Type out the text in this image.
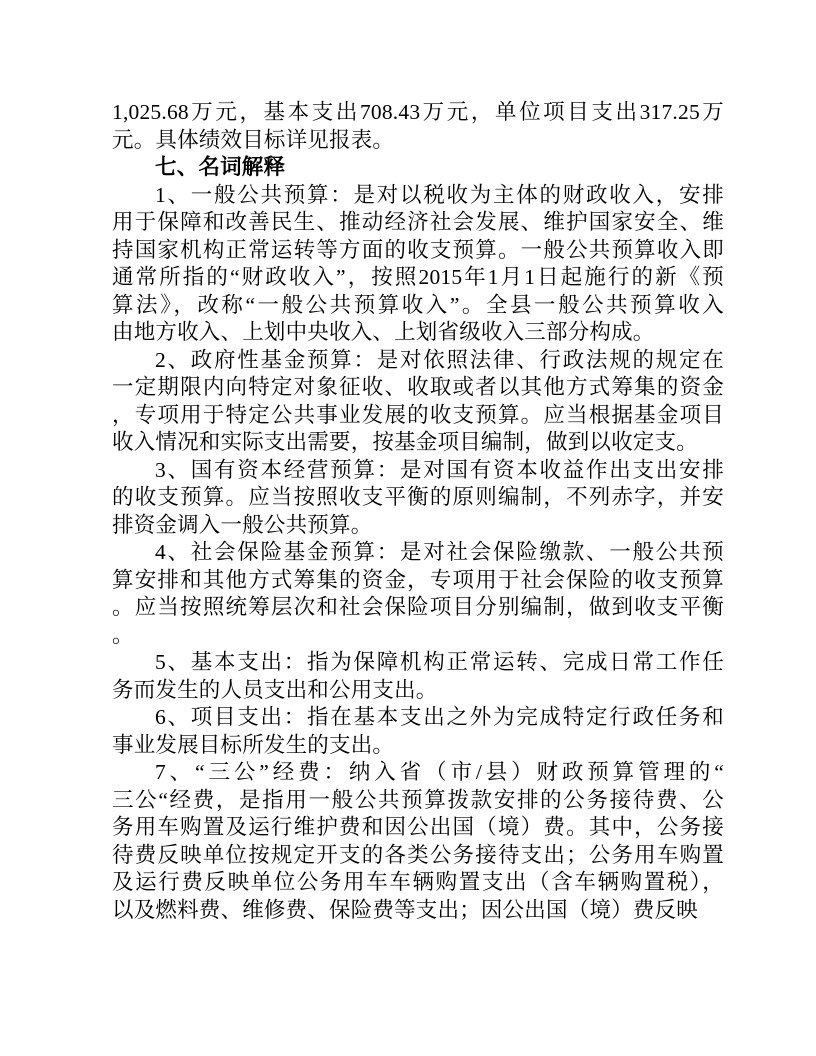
1,025.68万元，基本支出708.43万元，单位项目支出317.25万
元。具体绩效目标详见报表。
七、名词解释
1、一般公共预算：是对以税收为主体的财政收入，安排
用于保障和改善民生、推动经济社会发展、维护国家安全、维
持国家机构正常运转等方面的收支预算。一般公共预算收入即
通常所指的“财政收入”，按照2015年1月1日起施行的新《预
算法》，改称“一般公共预算收入”。全县一般公共预算收入
由地方收入、上划中央收入、上划省级收入三部分构成。
2、政府性基金预算：是对依照法律、行政法规的规定在
一定期限内向特定对象征收、收取或者以其他方式筹集的资金
，专项用于特定公共事业发展的收支预算。应当根据基金项目
收入情况和实际支出需要，按基金项目编制，做到以收定支。
3、国有资本经营预算：是对国有资本收益作出支出安排
的收支预算。应当按照收支平衡的原则编制，不列赤字，并安
排资金调入一般公共预算。
4、社会保险基金预算：是对社会保险缴款、一般公共预
算安排和其他方式筹集的资金，专项用于社会保险的收支预算
。应当按照统筹层次和社会保险项目分别编制，做到收支平衡
。
5、基本支出：指为保障机构正常运转、完成日常工作任
务而发生的人员支出和公用支出。
6、项目支出：指在基本支出之外为完成特定行政任务和
事业发展目标所发生的支出。
7、“三公”经费：纳入省（市/县）财政预算管理的“
三公“经费，是指用一般公共预算拨款安排的公务接待费、公
务用车购置及运行维护费和因公出国（境）费。其中，公务接
待费反映单位按规定开支的各类公务接待支出；公务用车购置
及运行费反映单位公务用车车辆购置支出（含车辆购置税），
以及燃料费、维修费、保险费等支出；因公出国（境）费反映
